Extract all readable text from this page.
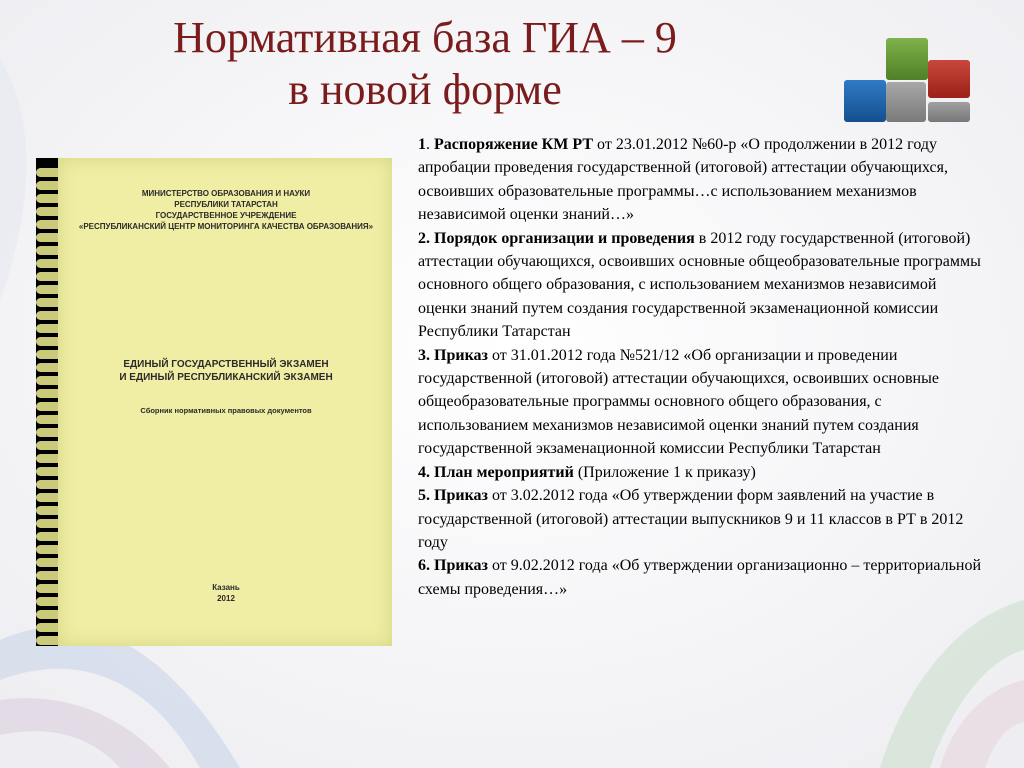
Нормативная база ГИА – 9
в новой форме
МИНИСТЕРСТВО ОБРАЗОВАНИЯ И НАУКИ
РЕСПУБЛИКИ ТАТАРСТАН
ГОСУДАРСТВЕННОЕ УЧРЕЖДЕНИЕ
«РЕСПУБЛИКАНСКИЙ ЦЕНТР МОНИТОРИНГА КАЧЕСТВА ОБРАЗОВАНИЯ»
ЕДИНЫЙ ГОСУДАРСТВЕННЫЙ ЭКЗАМЕН
И ЕДИНЫЙ РЕСПУБЛИКАНСКИЙ ЭКЗАМЕН
Сборник нормативных правовых документов
Казань
2012

1. Распоряжение КМ РТ от 23.01.2012 №60-р «О продолжении в 2012 году апробации проведения государственной (итоговой) аттестации обучающихся, освоивших образовательные программы…с использованием механизмов независимой оценки знаний…»

2. Порядок организации и проведения в 2012 году государственной (итоговой) аттестации обучающихся, освоивших основные общеобразовательные программы основного общего образования, с использованием механизмов независимой оценки знаний путем создания государственной экзаменационной комиссии Республики Татарстан

3. Приказ от 31.01.2012 года №521/12 «Об организации и проведении государственной (итоговой) аттестации обучающихся, освоивших основные общеобразовательные программы основного общего образования, с использованием механизмов независимой оценки знаний путем создания государственной экзаменационной комиссии Республики Татарстан

4. План мероприятий (Приложение 1 к приказу)

5. Приказ от 3.02.2012 года «Об утверждении форм заявлений на участие в государственной (итоговой) аттестации выпускников 9 и 11 классов в РТ в 2012 году

6. Приказ от 9.02.2012 года «Об утверждении организационно – территориальной схемы проведения…»
